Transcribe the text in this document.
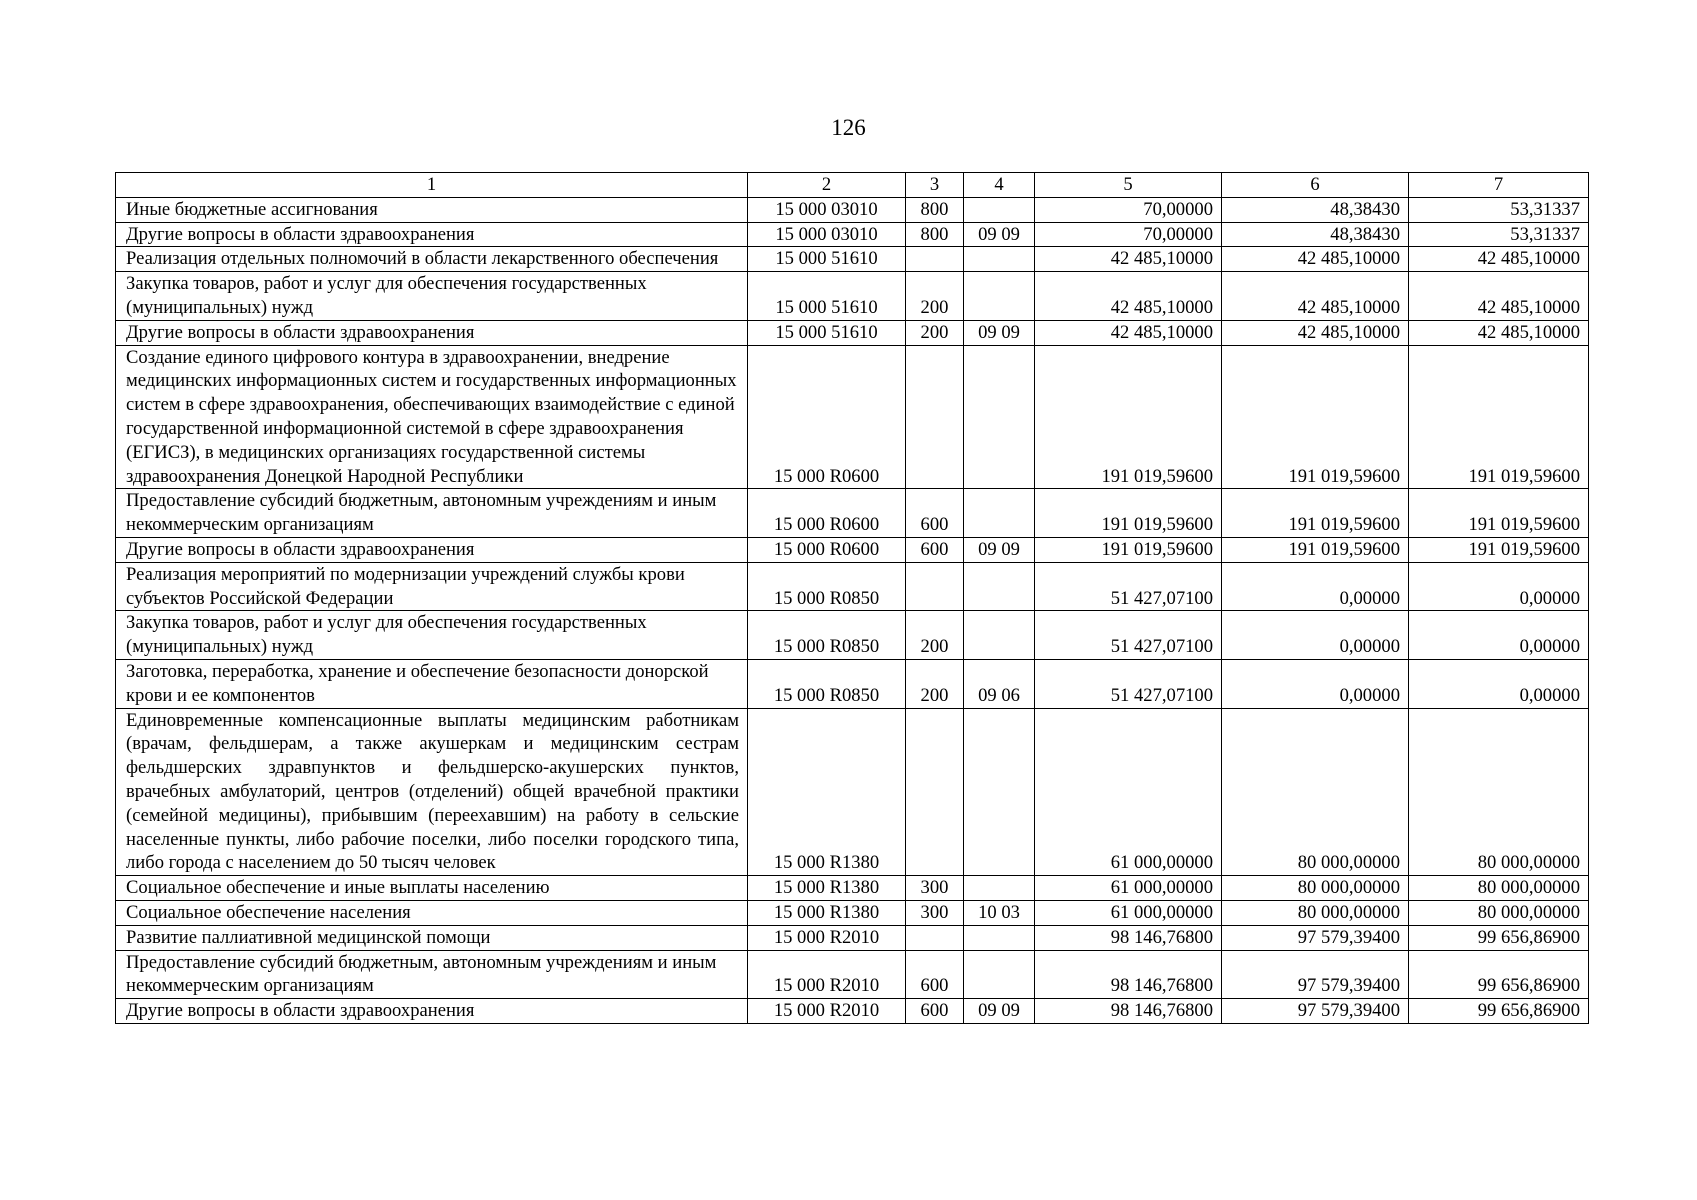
126
1	2	3	4	5	6	7
Иные бюджетные ассигнования	15 000 03010	800		70,00000	48,38430	53,31337
Другие вопросы в области здравоохранения	15 000 03010	800	09 09	70,00000	48,38430	53,31337
Реализация отдельных полномочий в области лекарственного обеспечения	15 000 51610			42 485,10000	42 485,10000	42 485,10000
Закупка товаров, работ и услуг для обеспечения государственных (муниципальных) нужд	15 000 51610	200		42 485,10000	42 485,10000	42 485,10000
Другие вопросы в области здравоохранения	15 000 51610	200	09 09	42 485,10000	42 485,10000	42 485,10000
Создание единого цифрового контура в здравоохранении, внедрение медицинских информационных систем и государственных информационных систем в сфере здравоохранения, обеспечивающих взаимодействие с единой государственной информационной системой в сфере здравоохранения (ЕГИСЗ), в медицинских организациях государственной системы здравоохранения Донецкой Народной Республики	15 000 R0600			191 019,59600	191 019,59600	191 019,59600
Предоставление субсидий бюджетным, автономным учреждениям и иным некоммерческим организациям	15 000 R0600	600		191 019,59600	191 019,59600	191 019,59600
Другие вопросы в области здравоохранения	15 000 R0600	600	09 09	191 019,59600	191 019,59600	191 019,59600
Реализация мероприятий по модернизации учреждений службы крови субъектов Российской Федерации	15 000 R0850			51 427,07100	0,00000	0,00000
Закупка товаров, работ и услуг для обеспечения государственных (муниципальных) нужд	15 000 R0850	200		51 427,07100	0,00000	0,00000
Заготовка, переработка, хранение и обеспечение безопасности донорской крови и ее компонентов	15 000 R0850	200	09 06	51 427,07100	0,00000	0,00000
Единовременные компенсационные выплаты медицинским работникам (врачам, фельдшерам, а также акушеркам и медицинским сестрам фельдшерских здравпунктов и фельдшерско-акушерских пунктов, врачебных амбулаторий, центров (отделений) общей врачебной практики (семейной медицины), прибывшим (переехавшим) на работу в сельские населенные пункты, либо рабочие поселки, либо поселки городского типа, либо города с населением до 50 тысяч человек	15 000 R1380			61 000,00000	80 000,00000	80 000,00000
Социальное обеспечение и иные выплаты населению	15 000 R1380	300		61 000,00000	80 000,00000	80 000,00000
Социальное обеспечение населения	15 000 R1380	300	10 03	61 000,00000	80 000,00000	80 000,00000
Развитие паллиативной медицинской помощи	15 000 R2010			98 146,76800	97 579,39400	99 656,86900
Предоставление субсидий бюджетным, автономным учреждениям и иным некоммерческим организациям	15 000 R2010	600		98 146,76800	97 579,39400	99 656,86900
Другие вопросы в области здравоохранения	15 000 R2010	600	09 09	98 146,76800	97 579,39400	99 656,86900
